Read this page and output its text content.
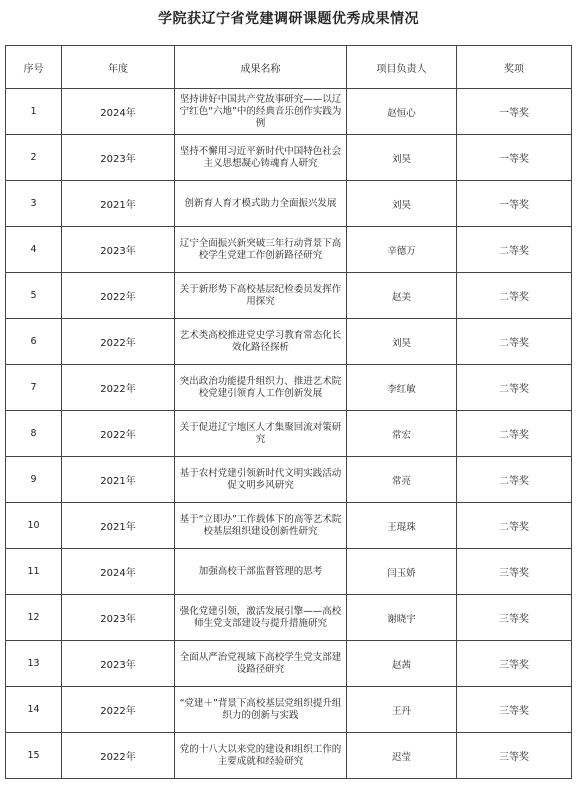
学院获辽宁省党建调研课题优秀成果情况
序号	年度	成果名称	项目负责人	奖项
1	2024年	坚持讲好中国共产党故事研究——以辽宁红色“六地”中的经典音乐创作实践为例	赵恒心	一等奖
2	2023年	坚持不懈用习近平新时代中国特色社会主义思想凝心铸魂育人研究	刘昊	一等奖
3	2021年	创新育人育才模式助力全面振兴发展	刘昊	一等奖
4	2023年	辽宁全面振兴新突破三年行动背景下高校学生党建工作创新路径研究	辛德万	二等奖
5	2022年	关于新形势下高校基层纪检委员发挥作用探究	赵美	二等奖
6	2022年	艺术类高校推进党史学习教育常态化长效化路径探析	刘昊	二等奖
7	2022年	突出政治功能提升组织力、推进艺术院校党建引领育人工作创新发展	李红敏	二等奖
8	2022年	关于促进辽宁地区人才集聚回流对策研究	常宏	二等奖
9	2021年	基于农村党建引领新时代文明实践活动促文明乡风研究	常亮	二等奖
10	2021年	基于“立即办”工作载体下的高等艺术院校基层组织建设创新性研究	王琨珠	二等奖
11	2024年	加强高校干部监督管理的思考	闫玉娇	三等奖
12	2023年	强化党建引领，激活发展引擎——高校师生党支部建设与提升措施研究	谢晓宇	三等奖
13	2023年	全面从严治党视域下高校学生党支部建设路径研究	赵茜	三等奖
14	2022年	“党建＋”背景下高校基层党组织提升组织力的创新与实践	王丹	三等奖
15	2022年	党的十八大以来党的建设和组织工作的主要成就和经验研究	迟莹	三等奖
